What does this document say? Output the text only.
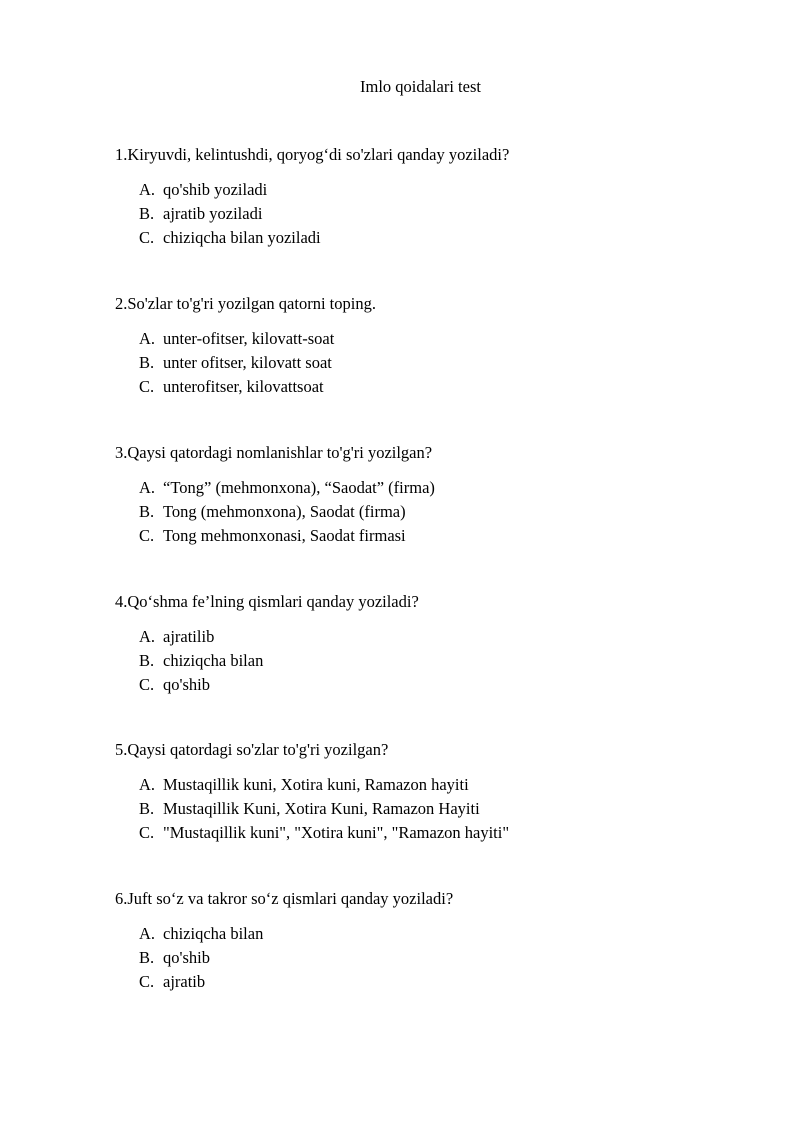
Imlo qoidalari test
1.Kiryuvdi, kelintushdi, qoryog‘di so'zlari qanday yoziladi?
A. qo'shib yoziladi
B. ajratib yoziladi
C. chiziqcha bilan yoziladi
2.So'zlar to'g'ri yozilgan qatorni toping.
A. unter-ofitser, kilovatt-soat
B. unter ofitser, kilovatt soat
C. unterofitser, kilovattsoat
3.Qaysi qatordagi nomlanishlar to'g'ri yozilgan?
A. “Tong” (mehmonxona), “Saodat” (firma)
B. Tong (mehmonxona), Saodat (firma)
C. Tong mehmonxonasi, Saodat firmasi
4.Qo‘shma fe’lning qismlari qanday yoziladi?
A. ajratilib
B. chiziqcha bilan
C. qo'shib
5.Qaysi qatordagi so'zlar to'g'ri yozilgan?
A. Mustaqillik kuni, Xotira kuni, Ramazon hayiti
B. Mustaqillik Kuni, Xotira Kuni, Ramazon Hayiti
C. "Mustaqillik kuni", "Xotira kuni", "Ramazon hayiti"
6.Juft so‘z va takror so‘z qismlari qanday yoziladi?
A. chiziqcha bilan
B. qo'shib
C. ajratib
